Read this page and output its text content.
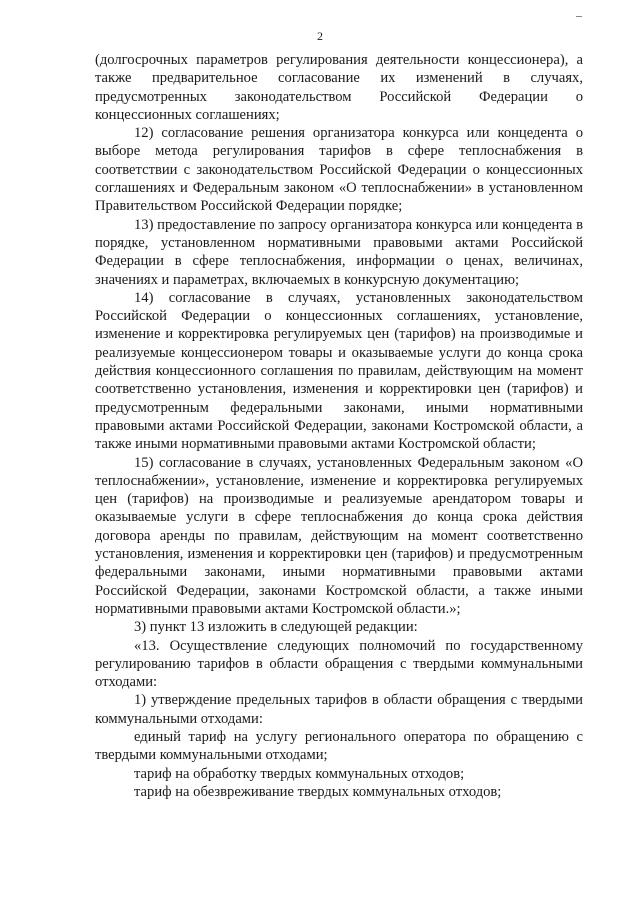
2

(долгосрочных параметров регулирования деятельности концессионера), а также предварительное согласование их изменений в случаях, предусмотренных законодательством Российской Федерации о концессионных соглашениях;

12) согласование решения организатора конкурса или концедента о выборе метода регулирования тарифов в сфере теплоснабжения в соответствии с законодательством Российской Федерации о концессионных соглашениях и Федеральным законом «О теплоснабжении» в установленном Правительством Российской Федерации порядке;

13) предоставление по запросу организатора конкурса или концедента в порядке, установленном нормативными правовыми актами Российской Федерации в сфере теплоснабжения, информации о ценах, величинах, значениях и параметрах, включаемых в конкурсную документацию;

14) согласование в случаях, установленных законодательством Российской Федерации о концессионных соглашениях, установление, изменение и корректировка регулируемых цен (тарифов) на производимые и реализуемые концессионером товары и оказываемые услуги до конца срока действия концессионного соглашения по правилам, действующим на момент соответственно установления, изменения и корректировки цен (тарифов) и предусмотренным федеральными законами, иными нормативными правовыми актами Российской Федерации, законами Костромской области, а также иными нормативными правовыми актами Костромской области;

15) согласование в случаях, установленных Федеральным законом «О теплоснабжении», установление, изменение и корректировка регулируемых цен (тарифов) на производимые и реализуемые арендатором товары и оказываемые услуги в сфере теплоснабжения до конца срока действия договора аренды по правилам, действующим на момент соответственно установления, изменения и корректировки цен (тарифов) и предусмотренным федеральными законами, иными нормативными правовыми актами Российской Федерации, законами Костромской области, а также иными нормативными правовыми актами Костромской области.»;

3) пункт 13 изложить в следующей редакции:

«13. Осуществление следующих полномочий по государственному регулированию тарифов в области обращения с твердыми коммунальными отходами:

1) утверждение предельных тарифов в области обращения с твердыми коммунальными отходами:

единый тариф на услугу регионального оператора по обращению с твердыми коммунальными отходами;

тариф на обработку твердых коммунальных отходов;

тариф на обезвреживание твердых коммунальных отходов;
